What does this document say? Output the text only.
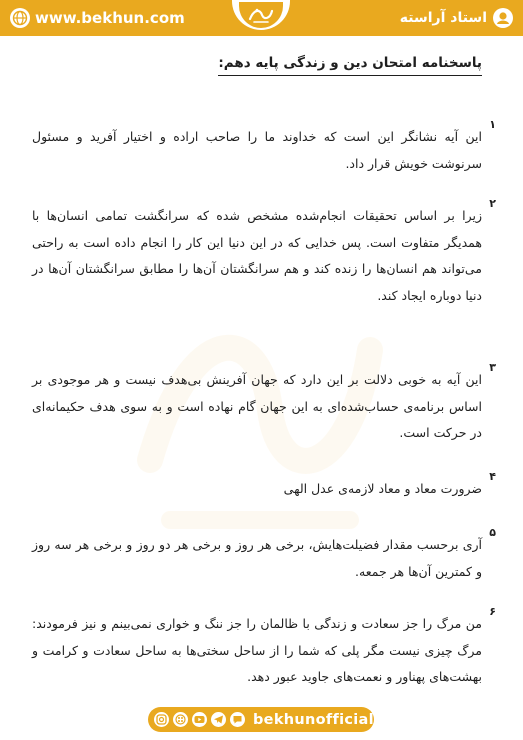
www.bekhun.com	استاد آراسته
پاسخنامه امتحان دین و زندگی پایه دهم:
۱

این آیه نشانگر این است که خداوند ما را صاحب اراده و اختیار آفرید و مسئول سرنوشت خویش قرار داد.

۲

زیرا بر اساس تحقیقات انجام‌شده مشخص شده که سرانگشت تمامی انسان‌ها با همدیگر متفاوت است. پس خدایی که در این دنیا این کار را انجام داده است به راحتی می‌تواند هم انسان‌ها را زنده کند و هم سرانگشتان آن‌ها را مطابق سرانگشتان آن‌ها در دنیا دوباره ایجاد کند.

۳

این آیه به خوبی دلالت بر این دارد که جهان آفرینش بی‌هدف نیست و هر موجودی بر اساس برنامه‌ی حساب‌شده‌ای به این جهان گام نهاده است و به سوی هدف حکیمانه‌ای در حرکت است.

۴

ضرورت معاد و معاد لازمه‌ی عدل الهی

۵

آری برحسب مقدار فضیلت‌هایش، برخی هر روز و برخی هر دو روز و برخی هر سه روز و کمترین آن‌ها هر جمعه.

۶

من مرگ را جز سعادت و زندگی با ظالمان را جز ننگ و خواری نمی‌بینم و نیز فرمودند: مرگ چیزی نیست مگر پلی که شما را از ساحل سختی‌ها به ساحل سعادت و کرامت و بهشت‌های پهناور و نعمت‌های جاوید عبور دهد.

bekhunofficial
